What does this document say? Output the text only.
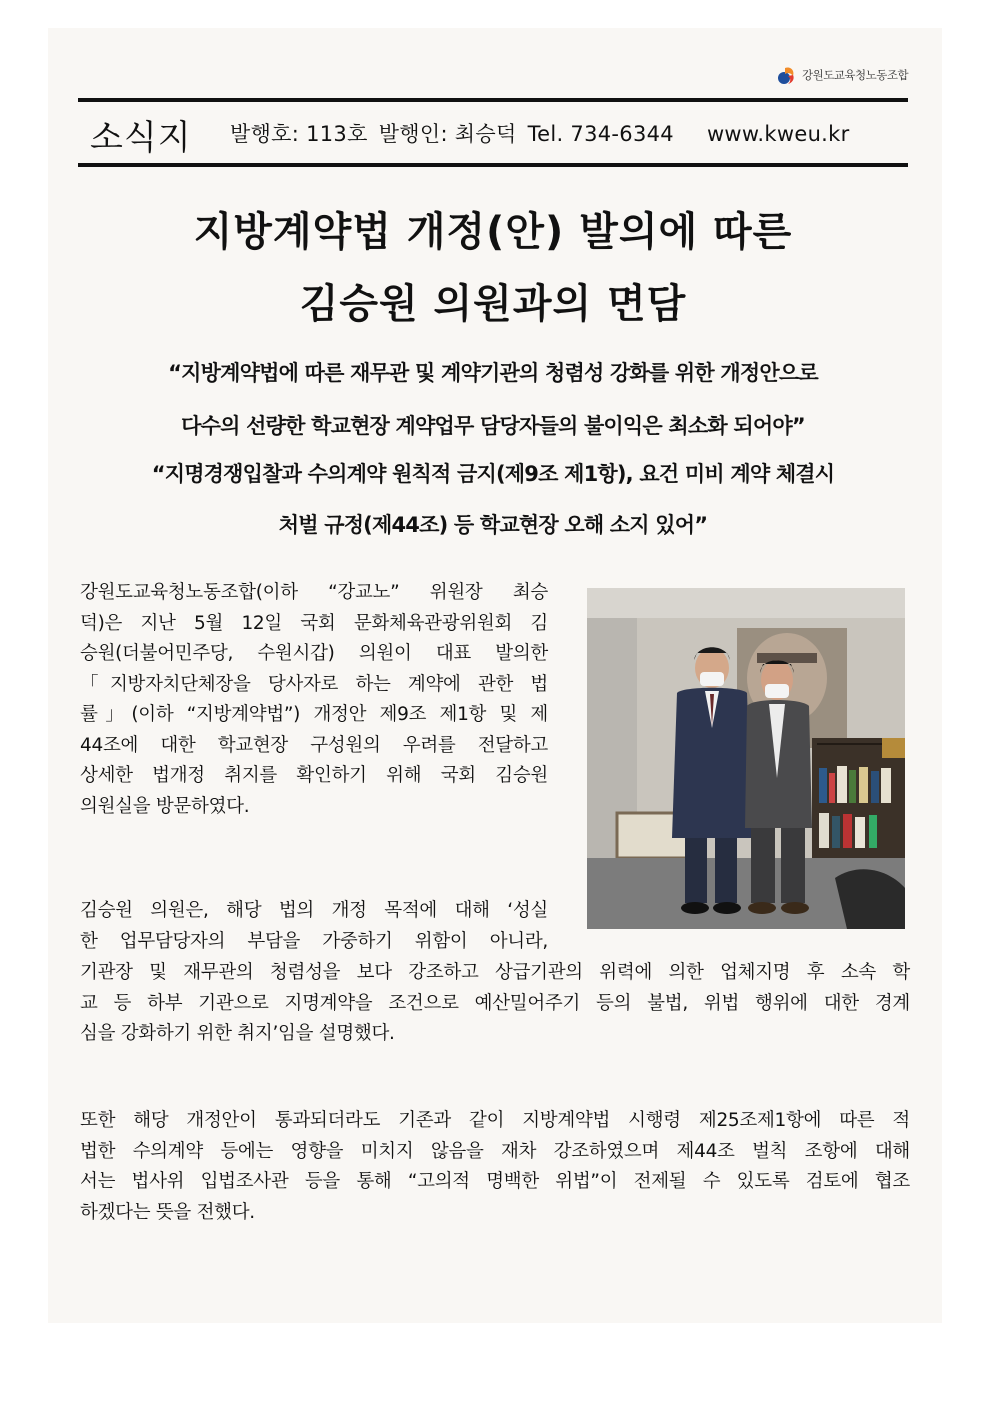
강원도교육청노동조합
소식지 발행호: 113호 발행인: 최승덕 Tel. 734-6344 www.kweu.kr
지방계약법 개정(안) 발의에 따른
김승원 의원과의 면담
“지방계약법에 따른 재무관 및 계약기관의 청렴성 강화를 위한 개정안으로
다수의 선량한 학교현장 계약업무 담당자들의 불이익은 최소화 되어야”
“지명경쟁입찰과 수의계약 원칙적 금지(제9조 제1항), 요건 미비 계약 체결시
처벌 규정(제44조) 등 학교현장 오해 소지 있어”
강원도교육청노동조합(이하 “강교노” 위원장 최승
덕)은 지난 5월 12일 국회 문화체육관광위원회 김
승원(더불어민주당, 수원시갑) 의원이 대표 발의한
「지방자치단체장을 당사자로 하는 계약에 관한 법
률」(이하 “지방계약법”) 개정안 제9조 제1항 및 제
44조에 대한 학교현장 구성원의 우려를 전달하고
상세한 법개정 취지를 확인하기 위해 국회 김승원
의원실을 방문하였다.
김승원 의원은, 해당 법의 개정 목적에 대해 ‘성실
한 업무담당자의 부담을 가중하기 위함이 아니라,
기관장 및 재무관의 청렴성을 보다 강조하고 상급기관의 위력에 의한 업체지명 후 소속 학
교 등 하부 기관으로 지명계약을 조건으로 예산밀어주기 등의 불법, 위법 행위에 대한 경계
심을 강화하기 위한 취지’임을 설명했다.
또한 해당 개정안이 통과되더라도 기존과 같이 지방계약법 시행령 제25조제1항에 따른 적
법한 수의계약 등에는 영향을 미치지 않음을 재차 강조하였으며 제44조 벌칙 조항에 대해
서는 법사위 입법조사관 등을 통해 “고의적 명백한 위법”이 전제될 수 있도록 검토에 협조
하겠다는 뜻을 전했다.
